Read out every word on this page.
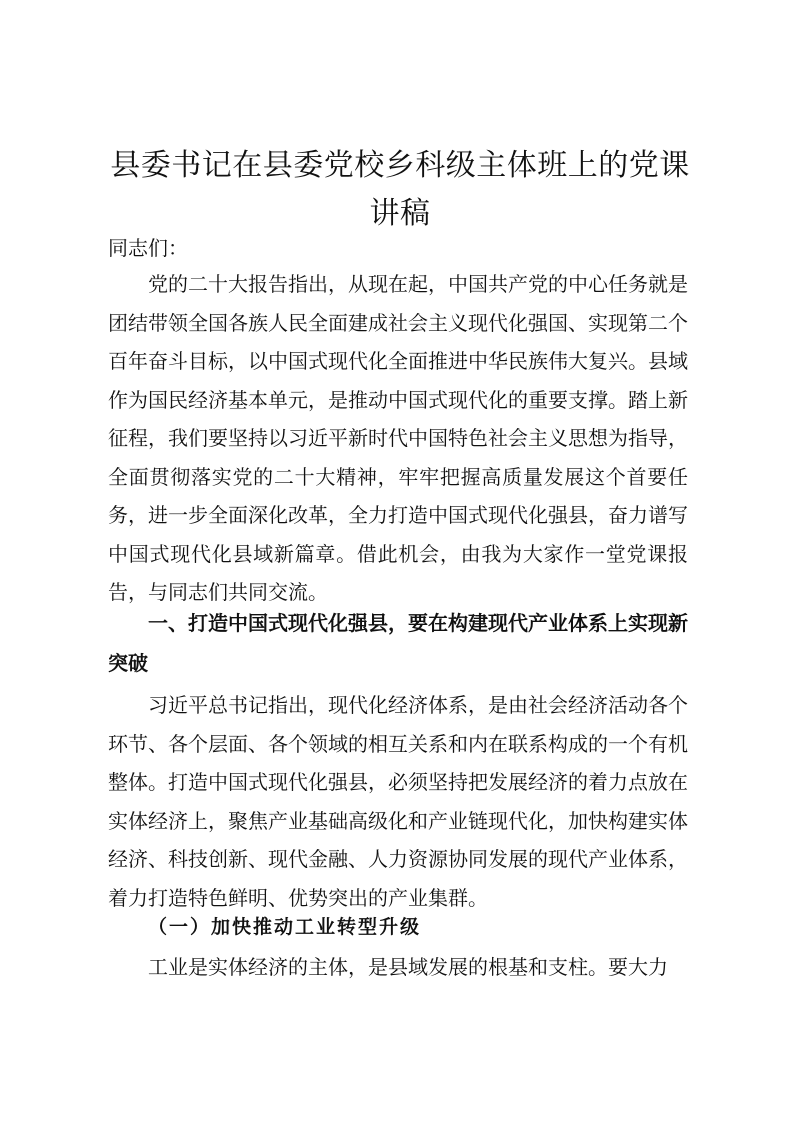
县委书记在县委党校乡科级主体班上的党课讲稿

同志们：

党的二十大报告指出，从现在起，中国共产党的中心任务就是团结带领全国各族人民全面建成社会主义现代化强国、实现第二个百年奋斗目标，以中国式现代化全面推进中华民族伟大复兴。县域作为国民经济基本单元，是推动中国式现代化的重要支撑。踏上新征程，我们要坚持以习近平新时代中国特色社会主义思想为指导，全面贯彻落实党的二十大精神，牢牢把握高质量发展这个首要任务，进一步全面深化改革，全力打造中国式现代化强县，奋力谱写中国式现代化县域新篇章。借此机会，由我为大家作一堂党课报告，与同志们共同交流。

一、打造中国式现代化强县，要在构建现代产业体系上实现新突破

习近平总书记指出，现代化经济体系，是由社会经济活动各个环节、各个层面、各个领域的相互关系和内在联系构成的一个有机整体。打造中国式现代化强县，必须坚持把发展经济的着力点放在实体经济上，聚焦产业基础高级化和产业链现代化，加快构建实体经济、科技创新、现代金融、人力资源协同发展的现代产业体系，着力打造特色鲜明、优势突出的产业集群。

（一）加快推动工业转型升级

工业是实体经济的主体，是县域发展的根基和支柱。要大力
